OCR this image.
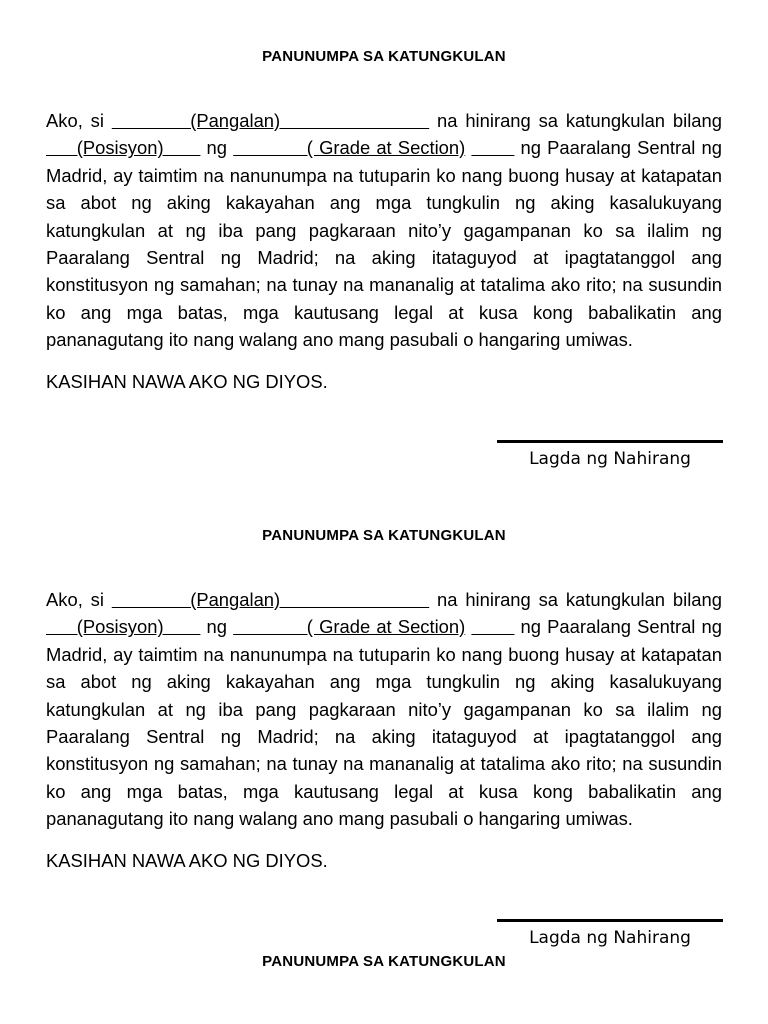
PANUNUMPA SA KATUNGKULAN

Ako, si           (Pangalan)                    na hinirang sa katungkulan bilang      (Posisyon)       ng             ( Grade at Section)	ng Paaralang Sentral ng Madrid, ay taimtim na nanunumpa na tutuparin ko nang buong husay at katapatan sa abot ng aking kakayahan ang mga tungkulin ng aking kasalukuyang katungkulan at ng iba pang pagkaraan nito’y gagampanan ko sa ilalim ng Paaralang Sentral ng Madrid; na aking itataguyod at ipagtatanggol ang konstitusyon ng samahan; na tunay na mananalig at tatalima ako rito; na susundin ko ang mga batas, mga kautusang legal at kusa kong babalikatin ang pananagutang ito nang walang ano mang pasubali o hangaring umiwas.

KASIHAN NAWA AKO NG DIYOS.

Lagda ng Nahirang
PANUNUMPA SA KATUNGKULAN

Ako, si           (Pangalan)                    na hinirang sa katungkulan bilang      (Posisyon)       ng             ( Grade at Section)	ng Paaralang Sentral ng Madrid, ay taimtim na nanunumpa na tutuparin ko nang buong husay at katapatan sa abot ng aking kakayahan ang mga tungkulin ng aking kasalukuyang katungkulan at ng iba pang pagkaraan nito’y gagampanan ko sa ilalim ng Paaralang Sentral ng Madrid; na aking itataguyod at ipagtatanggol ang konstitusyon ng samahan; na tunay na mananalig at tatalima ako rito; na susundin ko ang mga batas, mga kautusang legal at kusa kong babalikatin ang pananagutang ito nang walang ano mang pasubali o hangaring umiwas.

KASIHAN NAWA AKO NG DIYOS.

Lagda ng Nahirang
PANUNUMPA SA KATUNGKULAN
